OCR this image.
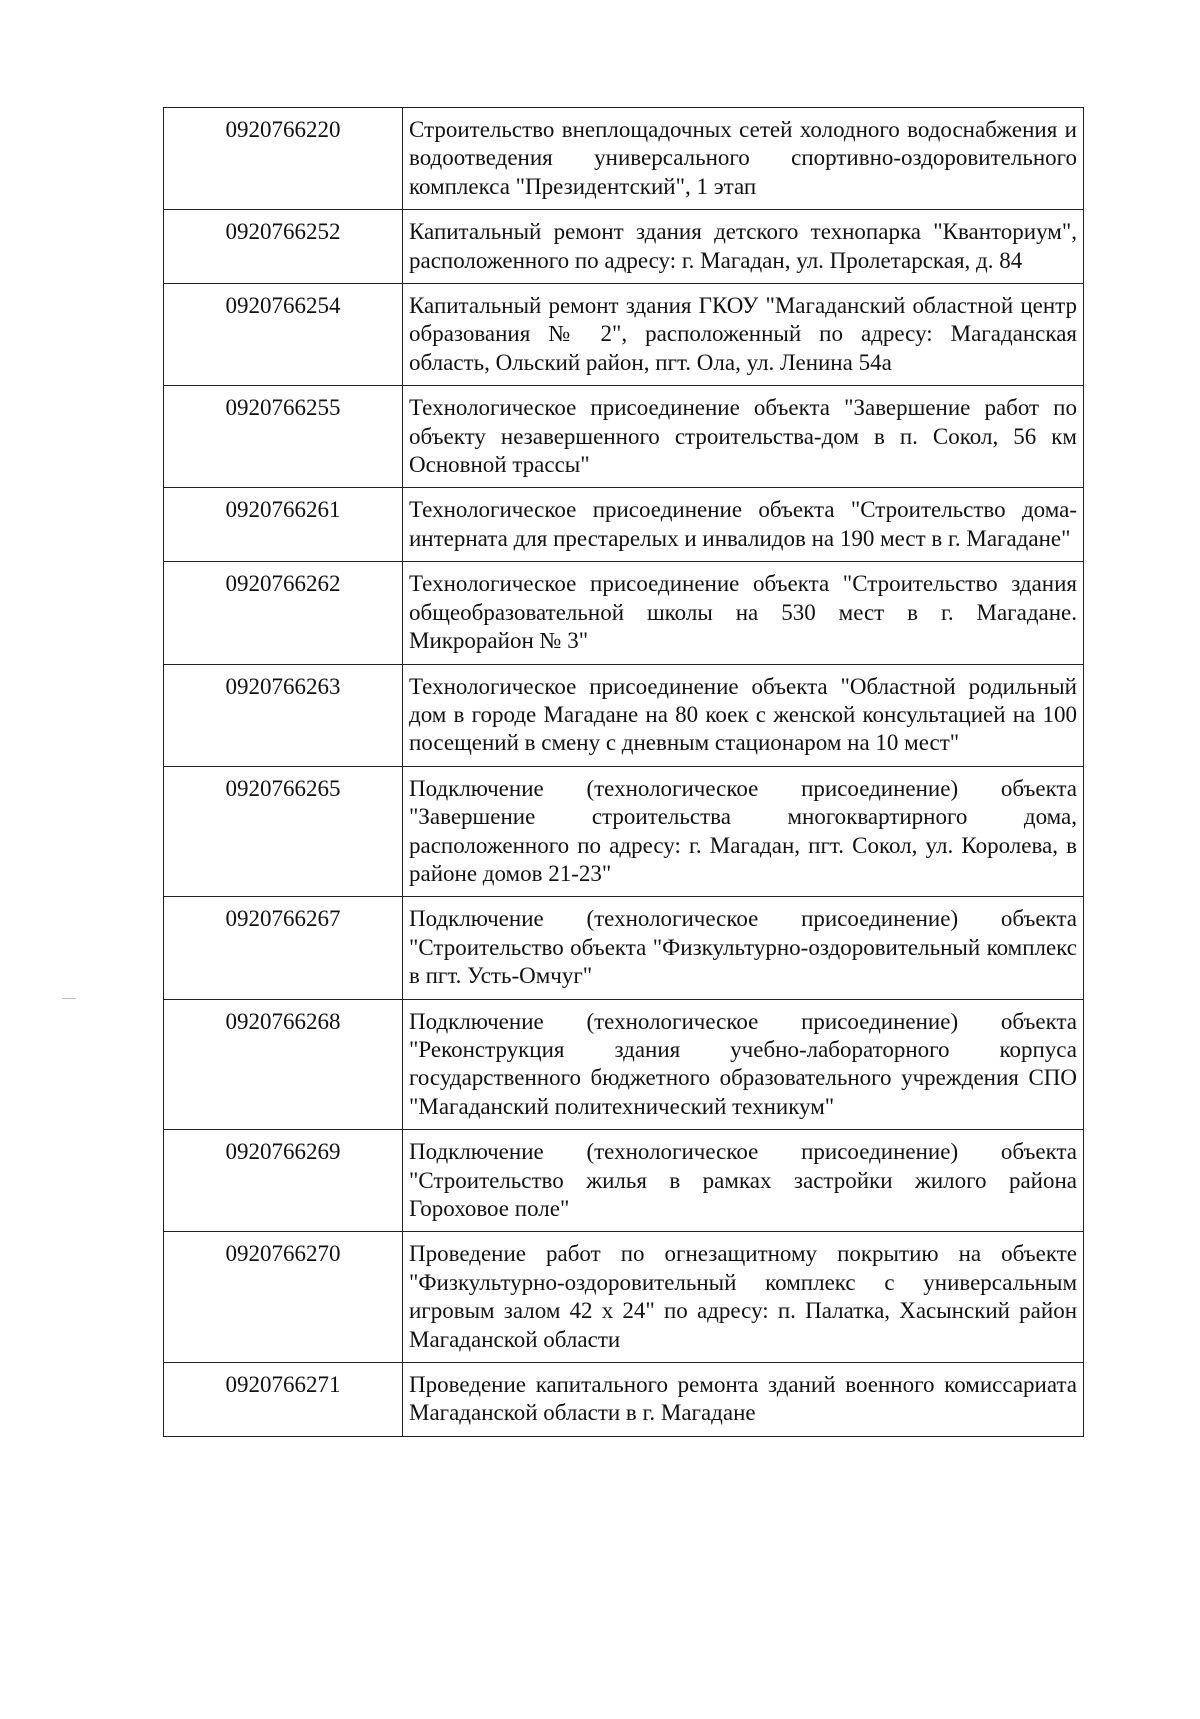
0920766220	Строительство внеплощадочных сетей холодного водоснабжения и водоотведения универсального спортивно-оздоровительного комплекса "Президентский", 1 этап
0920766252	Капитальный ремонт здания детского технопарка "Кванториум", расположенного по адресу: г. Магадан, ул. Пролетарская, д. 84
0920766254	Капитальный ремонт здания ГКОУ "Магаданский областной центр образования № 2", расположенный по адресу: Магаданская область, Ольский район, пгт. Ола, ул. Ленина 54а
0920766255	Технологическое присоединение объекта "Завершение работ по объекту незавершенного строительства-дом в п. Сокол, 56 км Основной трассы"
0920766261	Технологическое присоединение объекта "Строительство дома-интерната для престарелых и инвалидов на 190 мест в г. Магадане"
0920766262	Технологическое присоединение объекта "Строительство здания общеобразовательной школы на 530 мест в г. Магадане. Микрорайон № 3"
0920766263	Технологическое присоединение объекта "Областной родильный дом в городе Магадане на 80 коек с женской консультацией на 100 посещений в смену с дневным стационаром на 10 мест"
0920766265	Подключение (технологическое присоединение) объекта "Завершение строительства многоквартирного дома, расположенного по адресу: г. Магадан, пгт. Сокол, ул. Королева, в районе домов 21-23"
0920766267	Подключение (технологическое присоединение) объекта "Строительство объекта "Физкультурно-оздоровительный комплекс в пгт. Усть-Омчуг"
0920766268	Подключение (технологическое присоединение) объекта "Реконструкция здания учебно-лабораторного корпуса государственного бюджетного образовательного учреждения СПО "Магаданский политехнический техникум"
0920766269	Подключение (технологическое присоединение) объекта "Строительство жилья в рамках застройки жилого района Гороховое поле"
0920766270	Проведение работ по огнезащитному покрытию на объекте "Физкультурно-оздоровительный комплекс с универсальным игровым залом 42 х 24" по адресу: п. Палатка, Хасынский район Магаданской области
0920766271	Проведение капитального ремонта зданий военного комиссариата Магаданской области в г. Магадане
